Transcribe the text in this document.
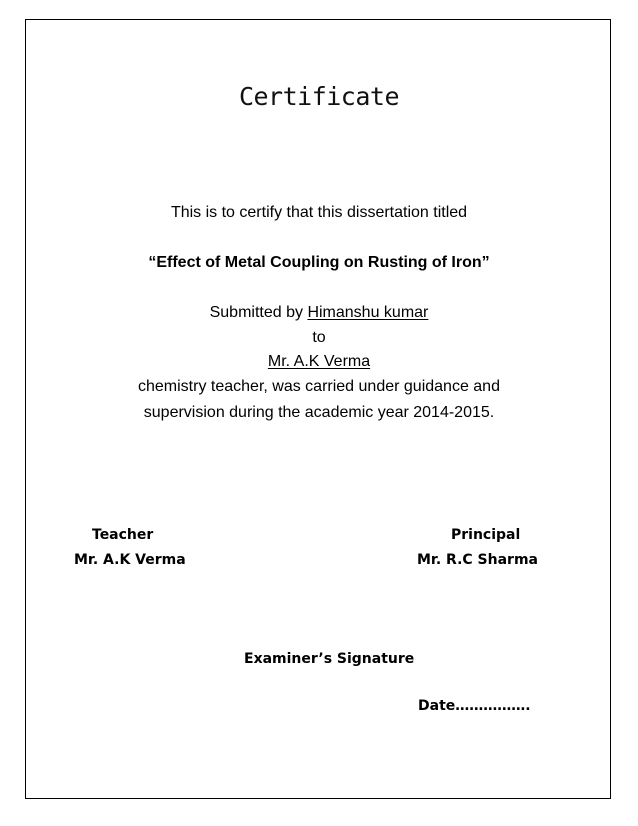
Certificate
This is to certify that this dissertation titled
“Effect of Metal Coupling on Rusting of Iron”
Submitted by Himanshu kumar
to
Mr. A.K Verma
chemistry teacher, was carried under guidance and
supervision during the academic year 2014-2015.
Teacher
Mr. A.K Verma
Principal
Mr. R.C Sharma
Examiner’s Signature
Date…………….
